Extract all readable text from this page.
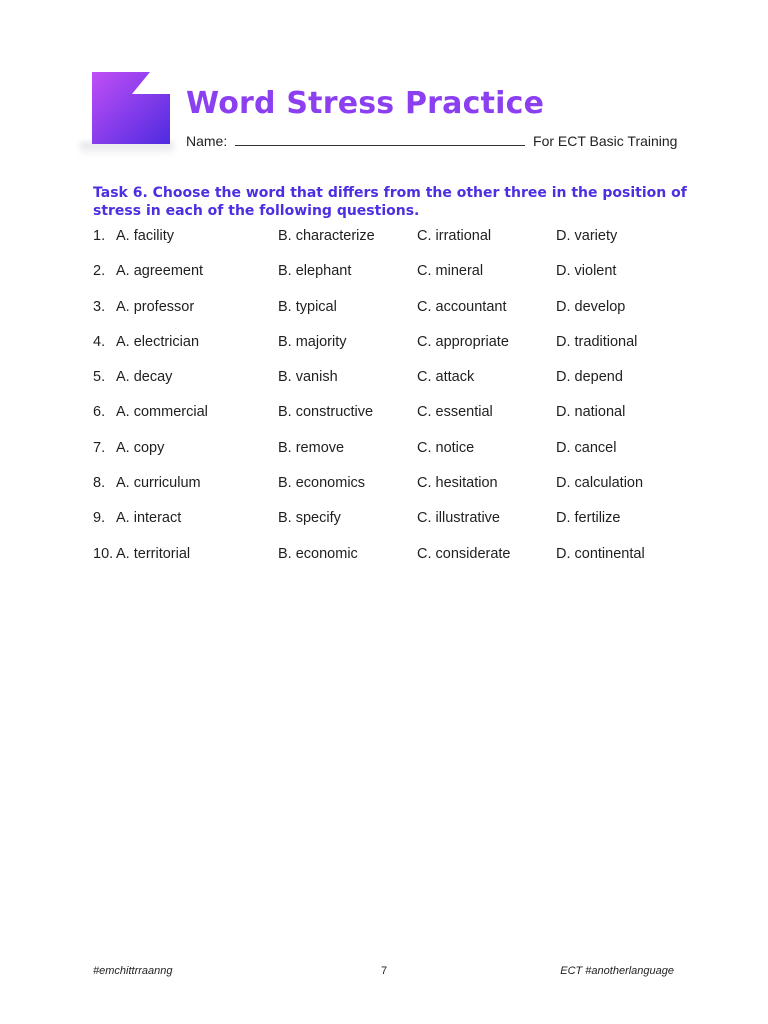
Word Stress Practice
Name:	For ECT Basic Training

Task 6. Choose the word that differs from the other three in the position of stress in each of the following questions.

1. A. facility	B. characterize	C. irrational	D. variety
2. A. agreement	B. elephant	C. mineral	D. violent
3. A. professor	B. typical	C. accountant	D. develop
4. A. electrician	B. majority	C. appropriate	D. traditional
5. A. decay	B. vanish	C. attack	D. depend
6. A. commercial	B. constructive	C. essential	D. national
7. A. copy	B. remove	C. notice	D. cancel
8. A. curriculum	B. economics	C. hesitation	D. calculation
9. A. interact	B. specify	C. illustrative	D. fertilize
10. A. territorial	B. economic	C. considerate	D. continental
#emchittrraanng	7	ECT #anotherlanguage
